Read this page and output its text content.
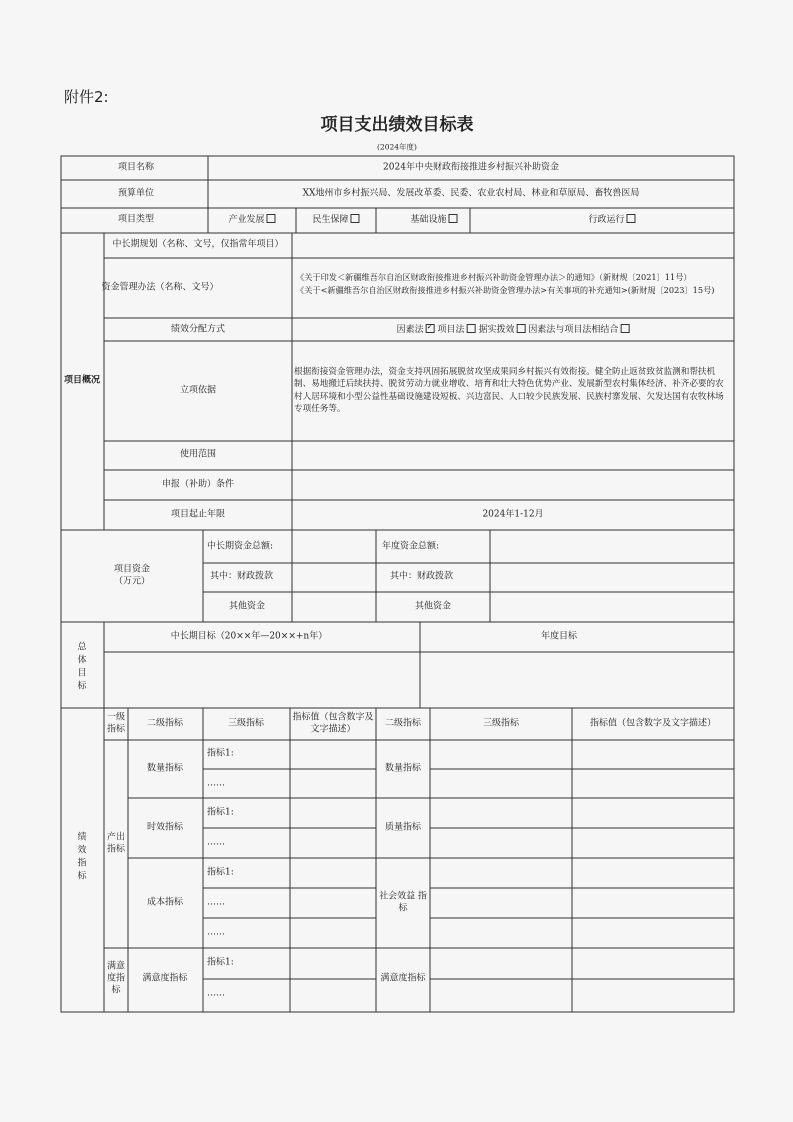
附件2:
项目支出绩效目标表
(2024年度)
项目名称	2024年中央财政衔接推进乡村振兴补助资金
预算单位	XX地州市乡村振兴局、发展改革委、民委、农业农村局、林业和草原局、畜牧兽医局
项目类型	产业发展	民生保障	基础设施	行政运行
项目概况
中长期规划（名称、文号，仅指常年项目）
资金管理办法（名称、文号）
《关于印发＜新疆维吾尔自治区财政衔接推进乡村振兴补助资金管理办法＞的通知》（新财规〔2021〕11号）
《关于<新疆维吾尔自治区财政衔接推进乡村振兴补助资金管理办法>有关事项的补充通知>(新财規〔2023〕15号)
绩效分配方式	因素法✓ 项目法 据实拨效 因素法与项目法相结合
立项依据
根据衔接资金管理办法，资金支持巩固拓展脱贫攻坚成果同乡村振兴有效衔接。健全防止返贫致贫监测和帮扶机制、易地搬迁后续扶持、脱贫劳动力就业增收、培育和壮大特色优势产业、发展新型农村集体经济、补齐必要的农村人居环境和小型公益性基础设施建设短板、兴边富民、人口较少民族发展、民族村寨发展、欠发达国有农牧林场专项任务等。
使用范围
申报（补助）条件
项目起止年限	2024年1-12月
项目资金
（万元）
中长期资金总额:	年度资金总额:
其中：财政拨款	其中：财政拨款
其他资金	其他资金
总
体
目
标
中长期目标（20××年—20××+n年）	年度目标
绩
效
指
标
一级
指标
二级指标	三级指标
指标值（包含数字及
文字描述）
二级指标	三级指标	指标值（包含数字及文字描述）
产出
指标
满意
度指
标
数量指标
时效指标
成本指标
满意度指标
数量指标
质量指标
社会效益 指
标
满意度指标
指标1:
……
指标1:
……
指标1:
……
……
指标1:
……
